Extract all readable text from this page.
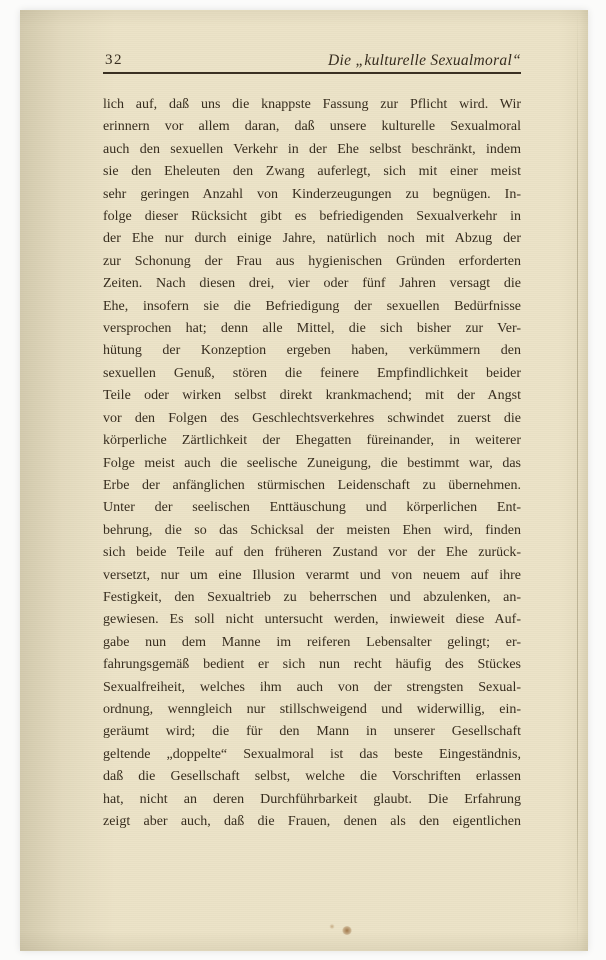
32	Die „kulturelle Sexualmoral“
lich auf, daß uns die knappste Fassung zur Pflicht wird. Wir
erinnern vor allem daran, daß unsere kulturelle Sexualmoral
auch den sexuellen Verkehr in der Ehe selbst beschränkt, indem
sie den Eheleuten den Zwang auferlegt, sich mit einer meist
sehr geringen Anzahl von Kinderzeugungen zu begnügen. In-
folge dieser Rücksicht gibt es befriedigenden Sexualverkehr in
der Ehe nur durch einige Jahre, natürlich noch mit Abzug der
zur Schonung der Frau aus hygienischen Gründen erforderten
Zeiten. Nach diesen drei, vier oder fünf Jahren versagt die
Ehe, insofern sie die Befriedigung der sexuellen Bedürfnisse
versprochen hat; denn alle Mittel, die sich bisher zur Ver-
hütung der Konzeption ergeben haben, verkümmern den
sexuellen Genuß, stören die feinere Empfindlichkeit beider
Teile oder wirken selbst direkt krankmachend; mit der Angst
vor den Folgen des Geschlechtsverkehres schwindet zuerst die
körperliche Zärtlichkeit der Ehegatten füreinander, in weiterer
Folge meist auch die seelische Zuneigung, die bestimmt war, das
Erbe der anfänglichen stürmischen Leidenschaft zu übernehmen.
Unter der seelischen Enttäuschung und körperlichen Ent-
behrung, die so das Schicksal der meisten Ehen wird, finden
sich beide Teile auf den früheren Zustand vor der Ehe zurück-
versetzt, nur um eine Illusion verarmt und von neuem auf ihre
Festigkeit, den Sexualtrieb zu beherrschen und abzulenken, an-
gewiesen. Es soll nicht untersucht werden, inwieweit diese Auf-
gabe nun dem Manne im reiferen Lebensalter gelingt; er-
fahrungsgemäß bedient er sich nun recht häufig des Stückes
Sexualfreiheit, welches ihm auch von der strengsten Sexual-
ordnung, wenngleich nur stillschweigend und widerwillig, ein-
geräumt wird; die für den Mann in unserer Gesellschaft
geltende „doppelte“ Sexualmoral ist das beste Eingeständnis,
daß die Gesellschaft selbst, welche die Vorschriften erlassen
hat, nicht an deren Durchführbarkeit glaubt. Die Erfahrung
zeigt aber auch, daß die Frauen, denen als den eigentlichen
